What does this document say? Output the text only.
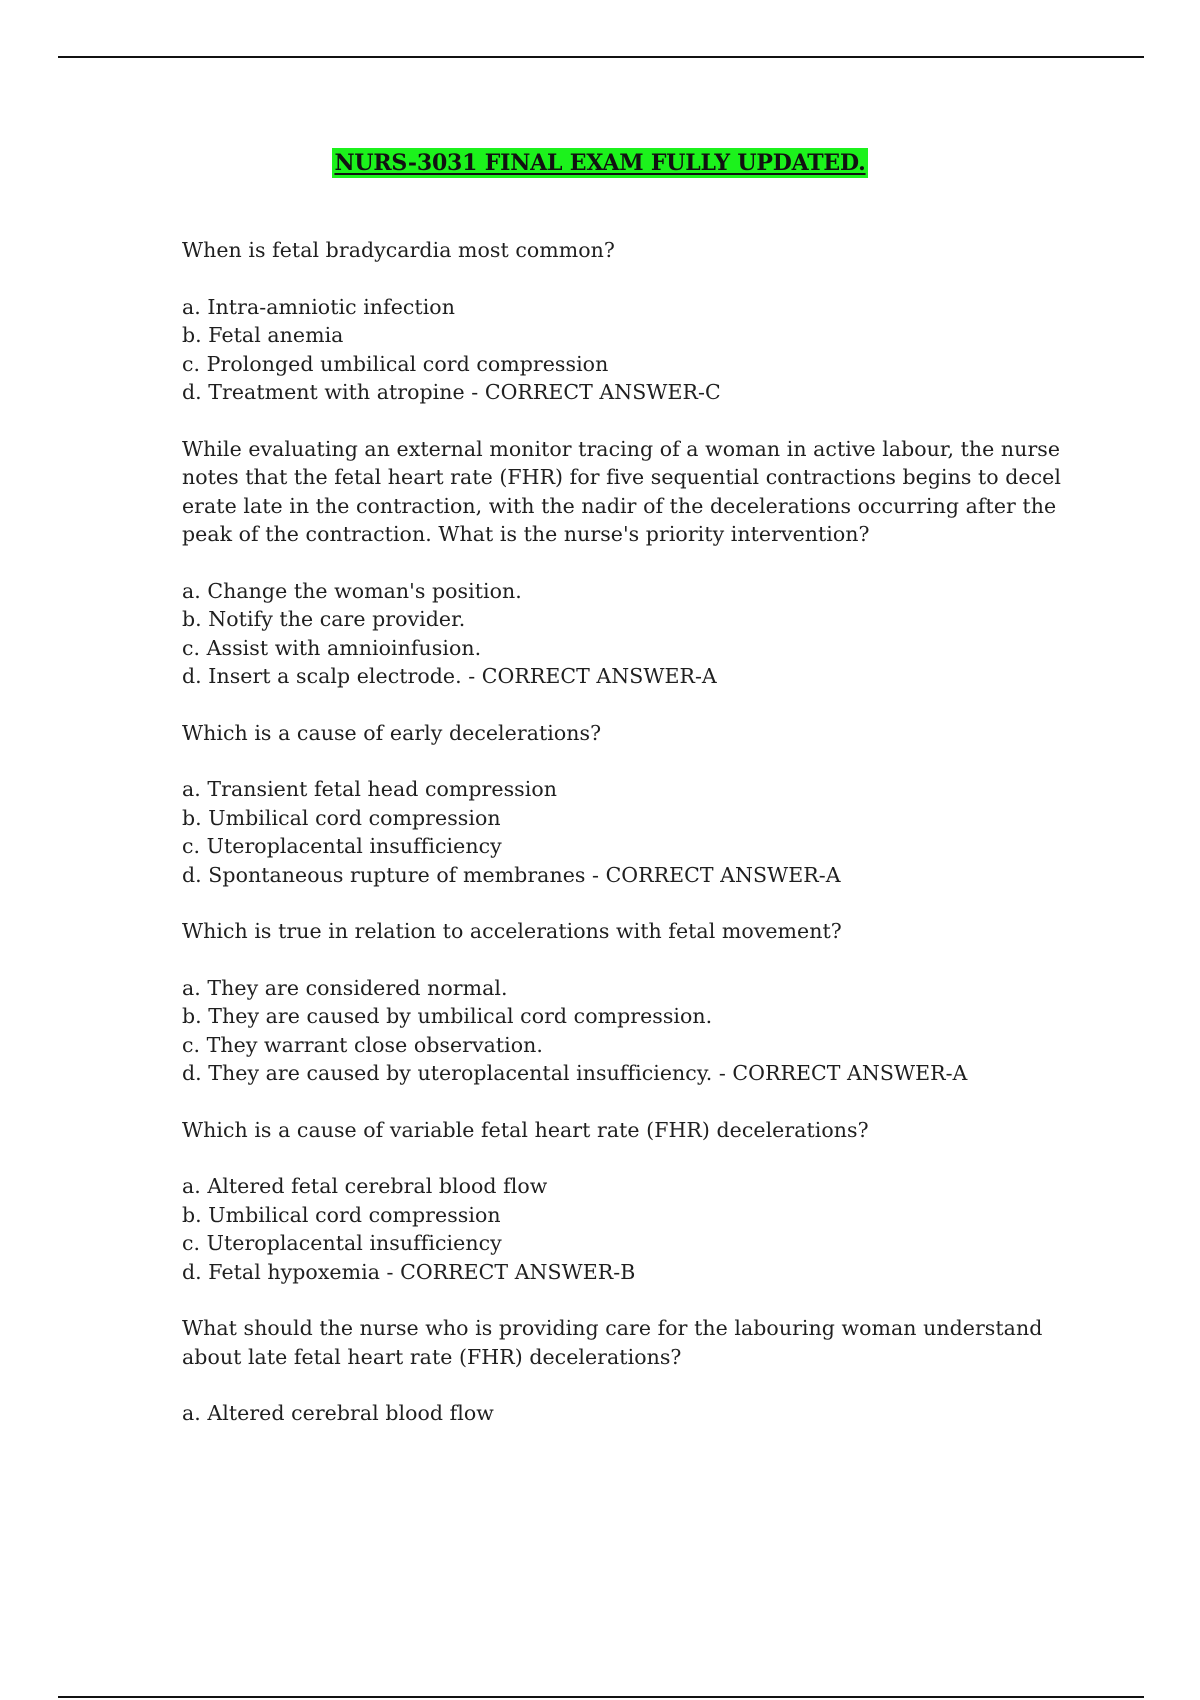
NURS-3031 FINAL EXAM FULLY UPDATED.

When is fetal bradycardia most common?

a. Intra-amniotic infection

b. Fetal anemia

c. Prolonged umbilical cord compression

d. Treatment with atropine - CORRECT ANSWER-C

While evaluating an external monitor tracing of a woman in active labour, the nurse notes that the fetal heart rate (FHR) for five sequential contractions begins to decelerate late in the contraction, with the nadir of the decelerations occurring after the peak of the contraction. What is the nurse's priority intervention?

a. Change the woman's position.

b. Notify the care provider.

c. Assist with amnioinfusion.

d. Insert a scalp electrode. - CORRECT ANSWER-A

Which is a cause of early decelerations?

a. Transient fetal head compression

b. Umbilical cord compression

c. Uteroplacental insufficiency

d. Spontaneous rupture of membranes - CORRECT ANSWER-A

Which is true in relation to accelerations with fetal movement?

a. They are considered normal.

b. They are caused by umbilical cord compression.

c. They warrant close observation.

d. They are caused by uteroplacental insufficiency. - CORRECT ANSWER-A

Which is a cause of variable fetal heart rate (FHR) decelerations?

a. Altered fetal cerebral blood flow

b. Umbilical cord compression

c. Uteroplacental insufficiency

d. Fetal hypoxemia - CORRECT ANSWER-B

What should the nurse who is providing care for the labouring woman understand about late fetal heart rate (FHR) decelerations?

a. Altered cerebral blood flow
